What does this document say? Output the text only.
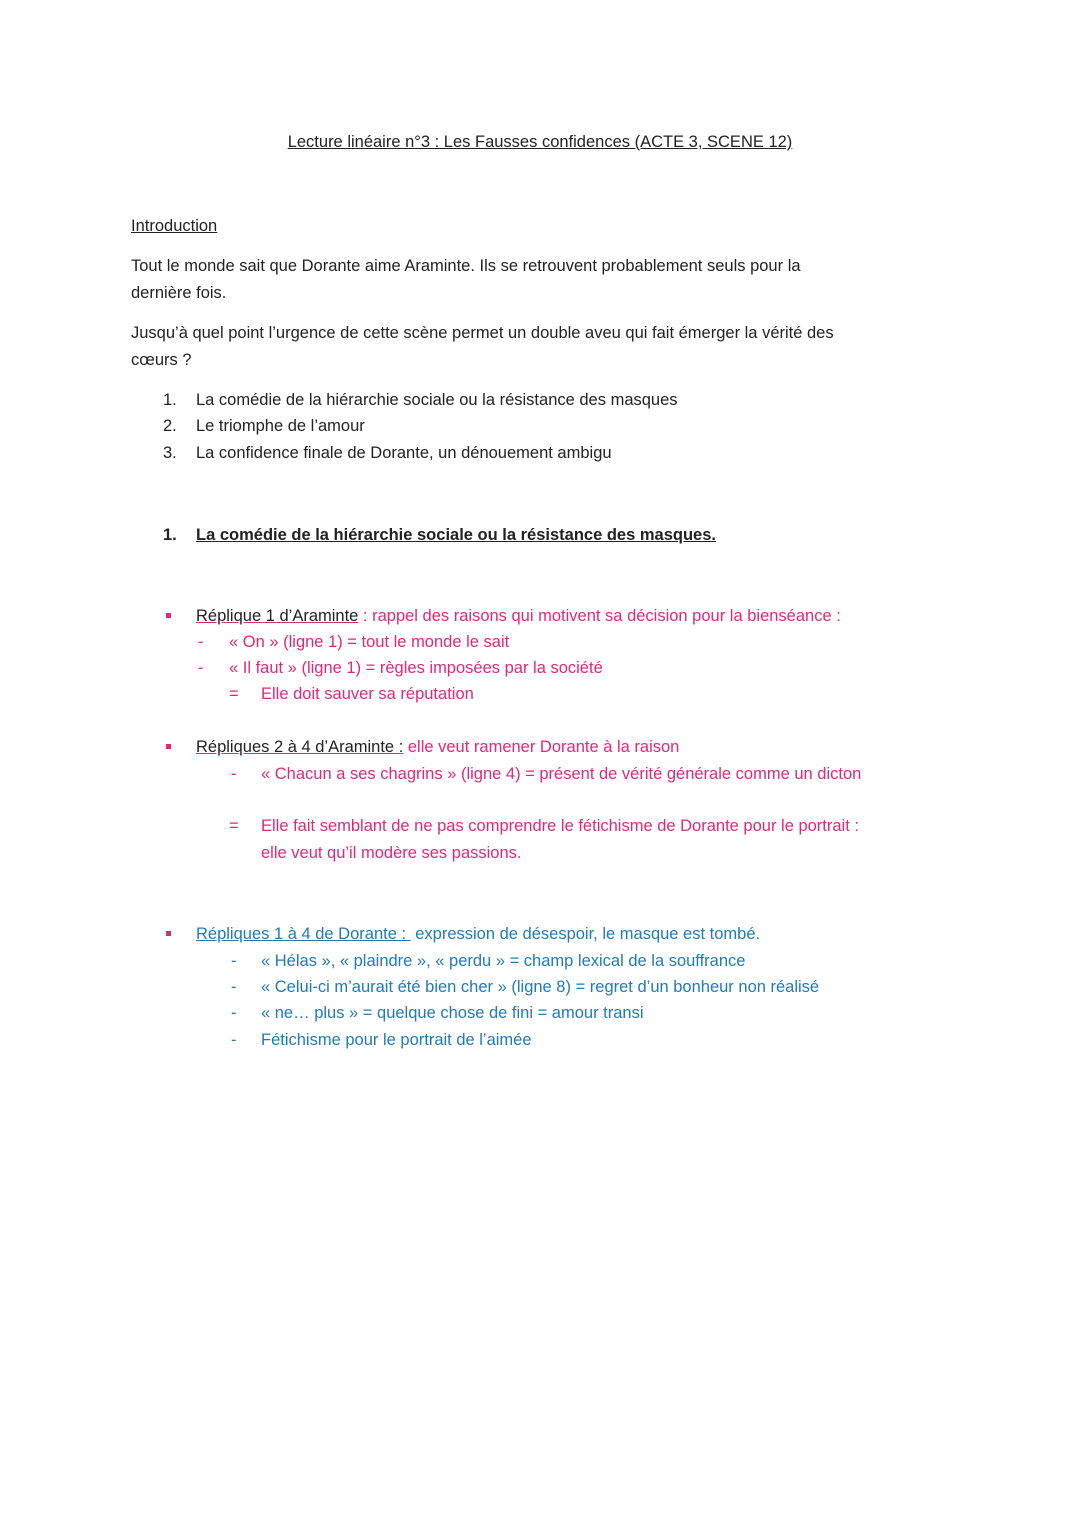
Lecture linéaire n°3 : Les Fausses confidences (ACTE 3, SCENE 12)
Introduction
Tout le monde sait que Dorante aime Araminte. Ils se retrouvent probablement seuls pour la
dernière fois.
Jusqu’à quel point l’urgence de cette scène permet un double aveu qui fait émerger la vérité des
cœurs ?
1. La comédie de la hiérarchie sociale ou la résistance des masques
2. Le triomphe de l’amour
3. La confidence finale de Dorante, un dénouement ambigu
1. La comédie de la hiérarchie sociale ou la résistance des masques.
Réplique 1 d’Araminte : rappel des raisons qui motivent sa décision pour la bienséance :
- « On » (ligne 1) = tout le monde le sait
- « Il faut » (ligne 1) = règles imposées par la société
= Elle doit sauver sa réputation
Répliques 2 à 4 d’Araminte : elle veut ramener Dorante à la raison
- « Chacun a ses chagrins » (ligne 4) = présent de vérité générale comme un dicton
= Elle fait semblant de ne pas comprendre le fétichisme de Dorante pour le portrait :
elle veut qu’il modère ses passions.
Répliques 1 à 4 de Dorante :  expression de désespoir, le masque est tombé.
- « Hélas », « plaindre », « perdu » = champ lexical de la souffrance
- « Celui-ci m’aurait été bien cher » (ligne 8) = regret d’un bonheur non réalisé
- « ne… plus » = quelque chose de fini = amour transi
- Fétichisme pour le portrait de l’aimée
